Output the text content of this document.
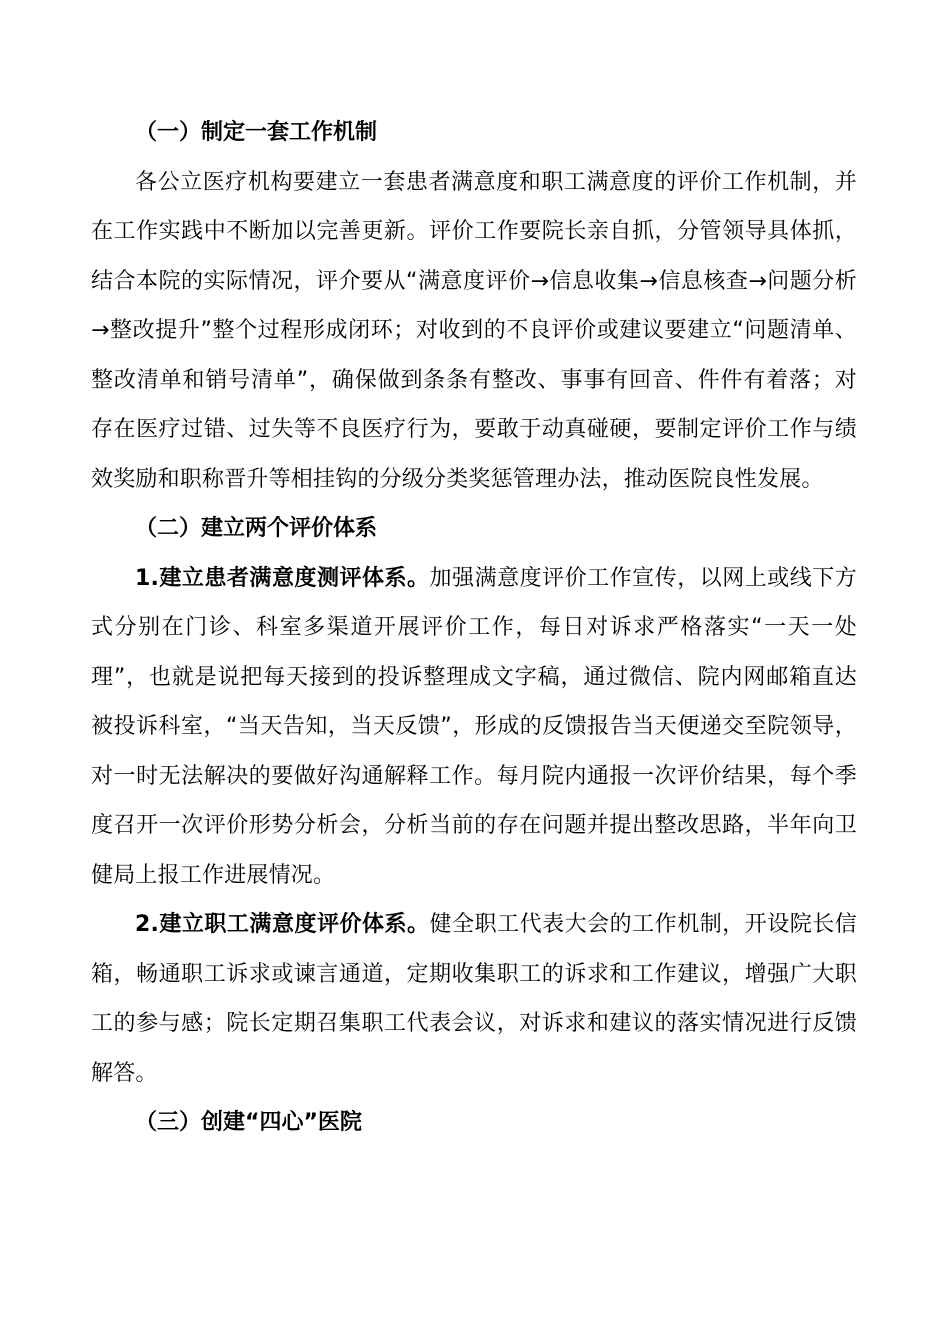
（一）制定一套工作机制

各公立医疗机构要建立一套患者满意度和职工满意度的评价工作机制，并在工作实践中不断加以完善更新。评价工作要院长亲自抓，分管领导具体抓，结合本院的实际情况，评介要从“满意度评价→信息收集→信息核查→问题分析→整改提升”整个过程形成闭环；对收到的不良评价或建议要建立“问题清单、整改清单和销号清单”，确保做到条条有整改、事事有回音、件件有着落；对存在医疗过错、过失等不良医疗行为，要敢于动真碰硬，要制定评价工作与绩效奖励和职称晋升等相挂钩的分级分类奖惩管理办法，推动医院良性发展。

（二）建立两个评价体系

1.建立患者满意度测评体系。加强满意度评价工作宣传，以网上或线下方式分别在门诊、科室多渠道开展评价工作，每日对诉求严格落实“一天一处理”，也就是说把每天接到的投诉整理成文字稿，通过微信、院内网邮箱直达被投诉科室，“当天告知，当天反馈”，形成的反馈报告当天便递交至院领导，对一时无法解决的要做好沟通解释工作。每月院内通报一次评价结果，每个季度召开一次评价形势分析会，分析当前的存在问题并提出整改思路，半年向卫健局上报工作进展情况。

2.建立职工满意度评价体系。健全职工代表大会的工作机制，开设院长信箱，畅通职工诉求或谏言通道，定期收集职工的诉求和工作建议，增强广大职工的参与感；院长定期召集职工代表会议，对诉求和建议的落实情况进行反馈解答。

（三）创建“四心”医院
